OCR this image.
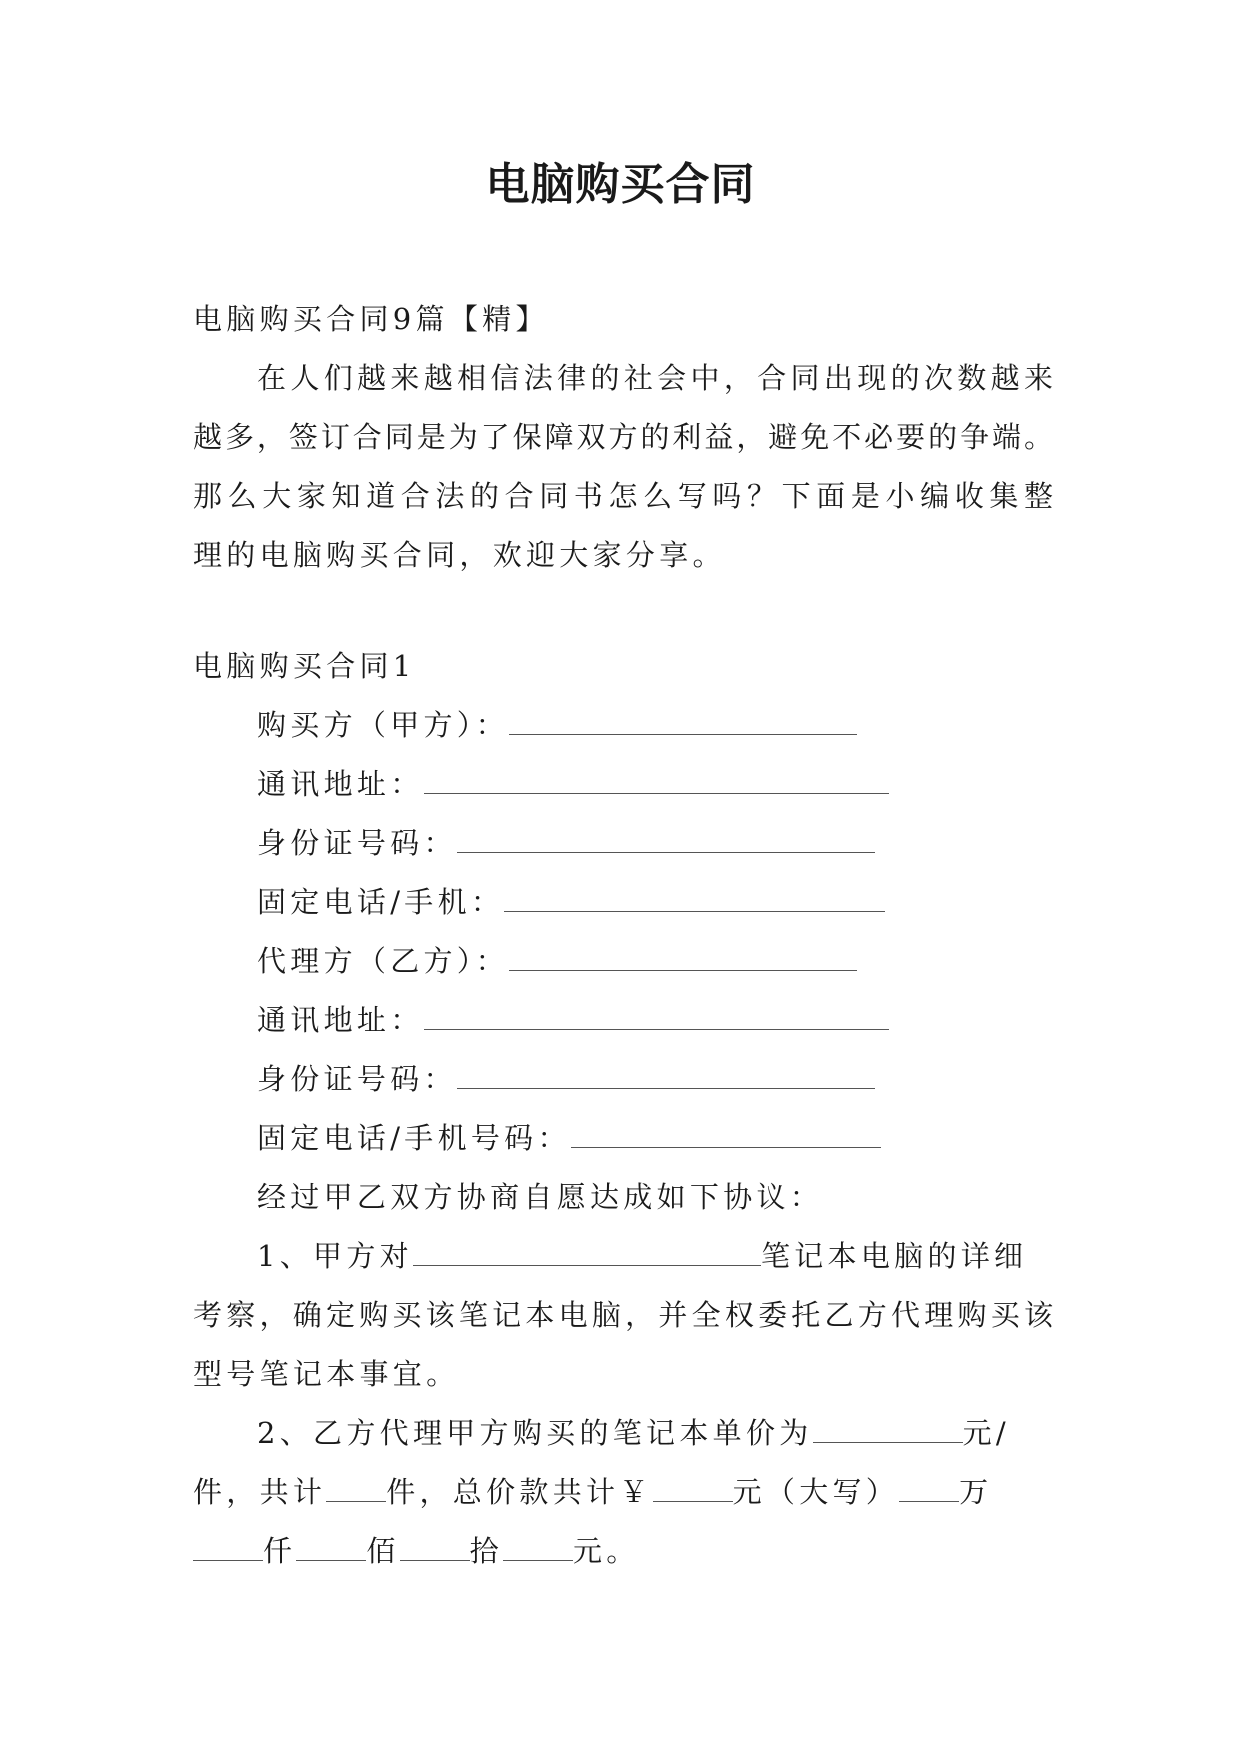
电脑购买合同
电脑购买合同9篇【精】
在人们越来越相信法律的社会中，合同出现的次数越来
越多，签订合同是为了保障双方的利益，避免不必要的争端。
那么大家知道合法的合同书怎么写吗？下面是小编收集整
理的电脑购买合同，欢迎大家分享。
电脑购买合同1
购买方（甲方）：
通讯地址：
身份证号码：
固定电话/手机：
代理方（乙方）：
通讯地址：
身份证号码：
固定电话/手机号码：
经过甲乙双方协商自愿达成如下协议：
1、甲方对	笔记本电脑的详细
考察，确定购买该笔记本电脑，并全权委托乙方代理购买该
型号笔记本事宜。
2、乙方代理甲方购买的笔记本单价为	元/
件，共计 件，总价款共计￥	元（大写） 万
仟 佰 拾 元。
